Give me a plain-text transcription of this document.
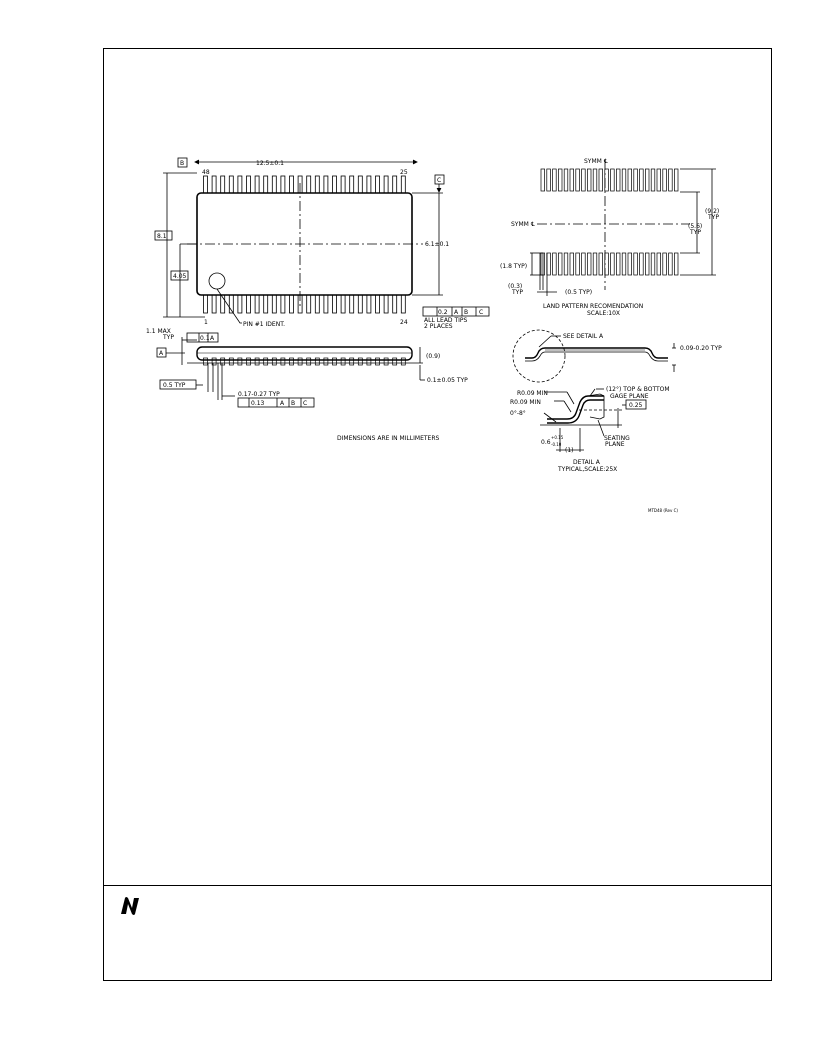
B	12.5±0.1
C
48	25
6.1±0.1
8.1
4.05
1	24
PIN #1 IDENT.
0.2 A B C
ALL LEAD TIPS
2 PLACES
1.1 MAX
TYP	0.1 A
A	(0.9)
0.1±0.05 TYP
0.5 TYP
0.17-0.27 TYP
0.13	A B C
DIMENSIONS ARE IN MILLIMETERS
SYMM ℄
SYMM ℄
(9.2)
TYP
(5.6)
TYP
(1.8 TYP)
(0.3)
TYP	(0.5 TYP)
LAND PATTERN RECOMENDATION
SCALE:10X
SEE DETAIL A
0.09-0.20 TYP
(12°) TOP & BOTTOM
GAGE PLANE
0.25
R0.09 MIN
R0.09 MIN
0°-8°
0.6
+0.15
-0.10
SEATING
PLANE
(1)
DETAIL A
TYPICAL,SCALE:25X
MTD48 (Rev C)
